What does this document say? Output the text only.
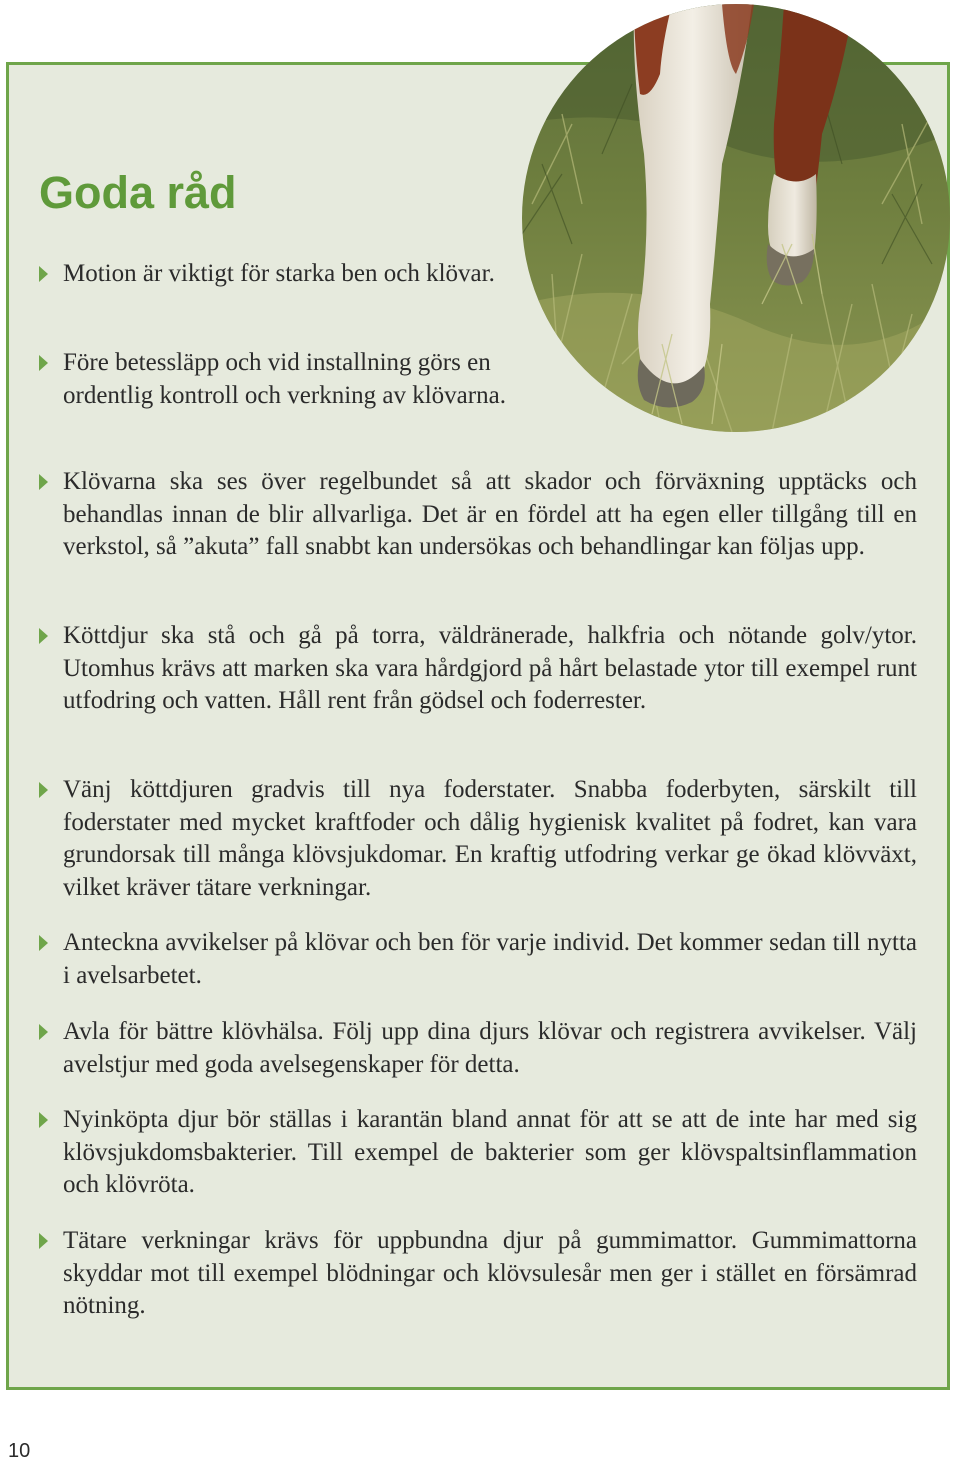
Goda råd

Motion är viktigt för starka ben och klövar.

Före betessläpp och vid installning görs en ordentlig kontroll och verkning av klövarna.

Klövarna ska ses över regelbundet så att skador och förväxning upptäcks och behandlas innan de blir allvarliga. Det är en fördel att ha egen eller tillgång till en verkstol, så ”akuta” fall snabbt kan undersökas och behandlingar kan följas upp.

Köttdjur ska stå och gå på torra, väldränerade, halkfria och nötande golv/ytor. Utomhus krävs att marken ska vara hårdgjord på hårt belastade ytor till exempel runt utfodring och vatten. Håll rent från gödsel och foderrester.

Vänj köttdjuren gradvis till nya foderstater. Snabba foderbyten, särskilt till foderstater med mycket kraftfoder och dålig hygienisk kvalitet på fodret, kan vara grundorsak till många klövsjukdomar. En kraftig utfodring verkar ge ökad klövväxt, vilket kräver tätare verkningar.

Anteckna avvikelser på klövar och ben för varje individ. Det kommer sedan till nytta i avelsarbetet.

Avla för bättre klövhälsa. Följ upp dina djurs klövar och registrera avvikelser. Välj avelstjur med goda avelsegenskaper för detta.

Nyinköpta djur bör ställas i karantän bland annat för att se att de inte har med sig klövsjukdomsbakterier. Till exempel de bakterier som ger klövspaltsinflammation och klövröta.

Tätare verkningar krävs för uppbundna djur på gummimattor. Gummimattorna skyddar mot till exempel blödningar och klövsulesår men ger i stället en försämrad nötning.

10
